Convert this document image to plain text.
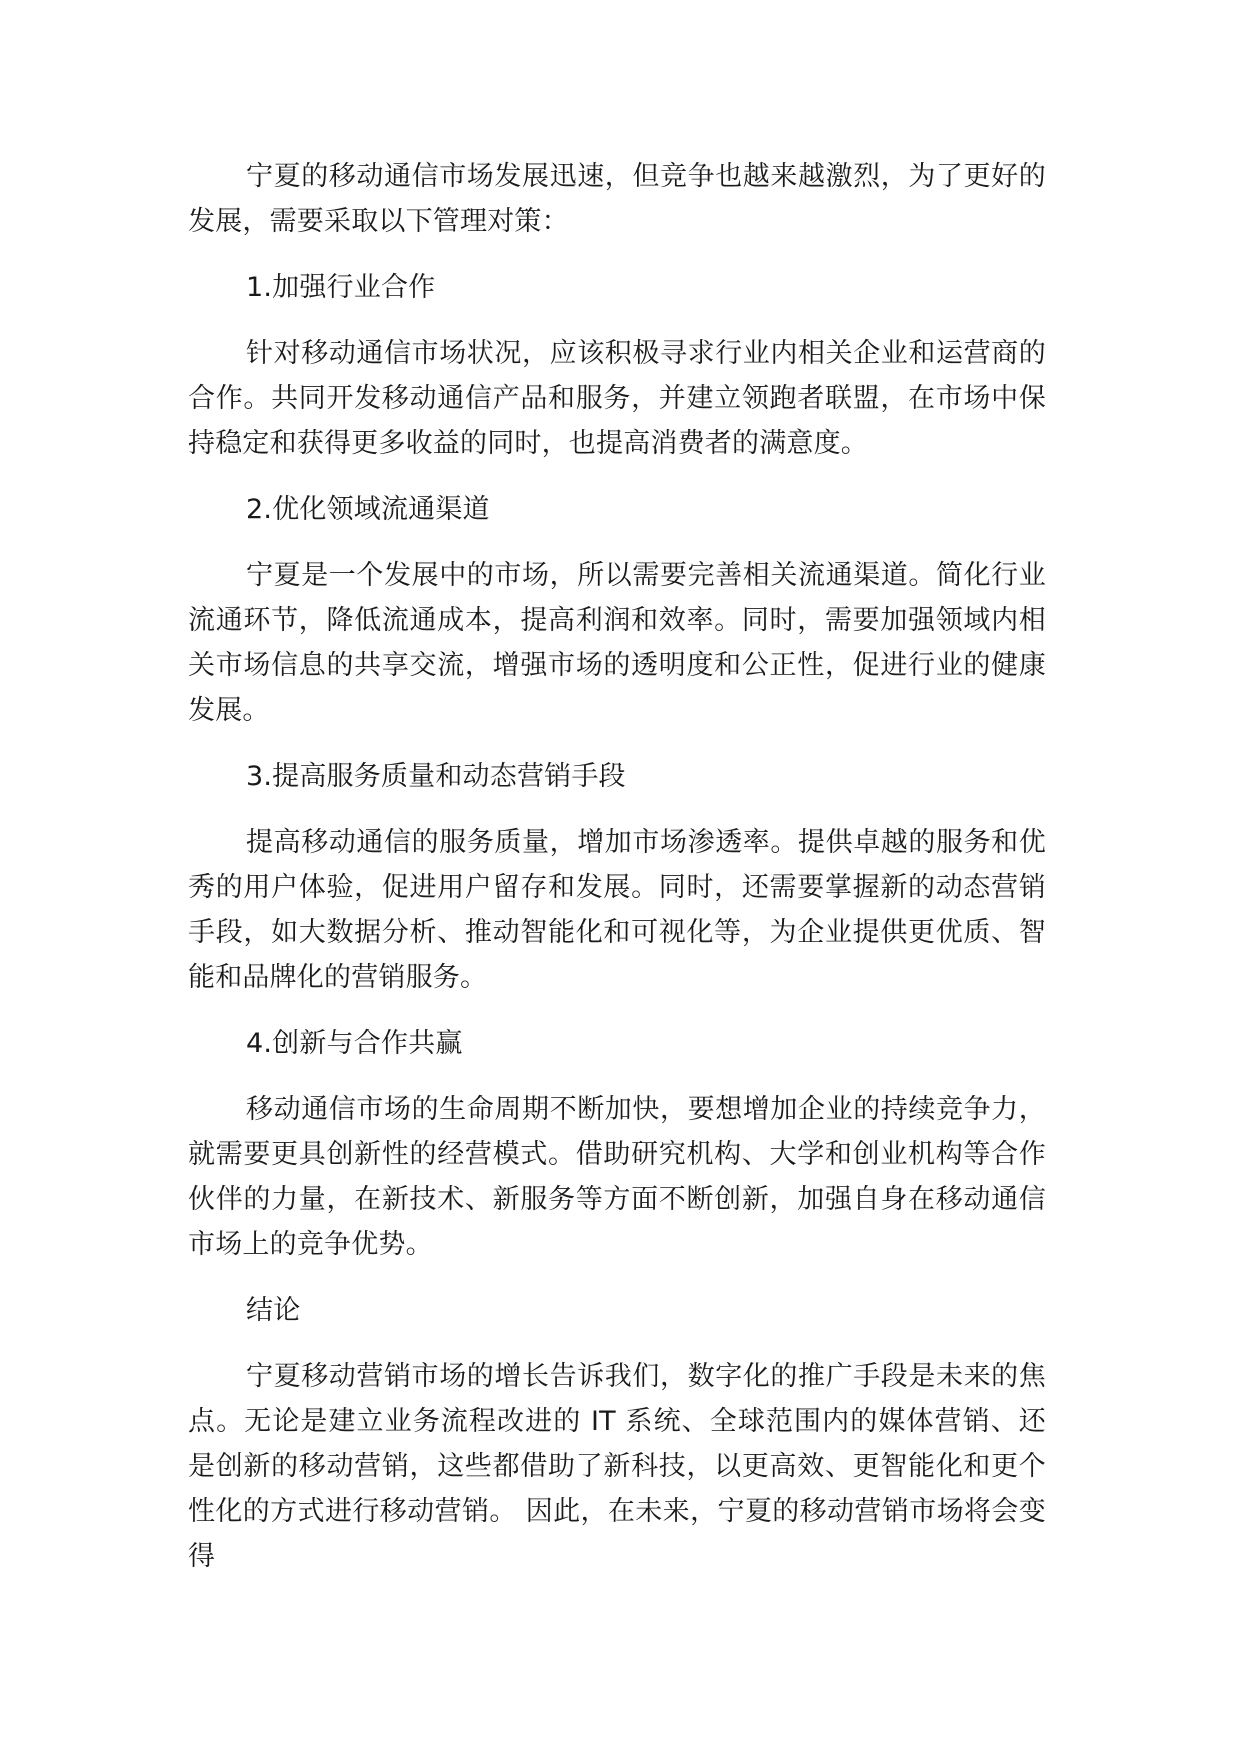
宁夏的移动通信市场发展迅速，但竞争也越来越激烈，为了更好的发展，需要采取以下管理对策：

1.加强行业合作

针对移动通信市场状况，应该积极寻求行业内相关企业和运营商的合作。共同开发移动通信产品和服务，并建立领跑者联盟，在市场中保持稳定和获得更多收益的同时，也提高消费者的满意度。

2.优化领域流通渠道

宁夏是一个发展中的市场，所以需要完善相关流通渠道。简化行业流通环节，降低流通成本，提高利润和效率。同时，需要加强领域内相关市场信息的共享交流，增强市场的透明度和公正性，促进行业的健康发展。

3.提高服务质量和动态营销手段

提高移动通信的服务质量，增加市场渗透率。提供卓越的服务和优秀的用户体验，促进用户留存和发展。同时，还需要掌握新的动态营销手段，如大数据分析、推动智能化和可视化等，为企业提供更优质、智能和品牌化的营销服务。

4.创新与合作共赢

移动通信市场的生命周期不断加快，要想增加企业的持续竞争力，就需要更具创新性的经营模式。借助研究机构、大学和创业机构等合作伙伴的力量，在新技术、新服务等方面不断创新，加强自身在移动通信市场上的竞争优势。

结论

宁夏移动营销市场的增长告诉我们，数字化的推广手段是未来的焦点。无论是建立业务流程改进的 IT 系统、全球范围内的媒体营销、还是创新的移动营销，这些都借助了新科技，以更高效、更智能化和更个性化的方式进行移动营销。 因此，在未来，宁夏的移动营销市场将会变得
